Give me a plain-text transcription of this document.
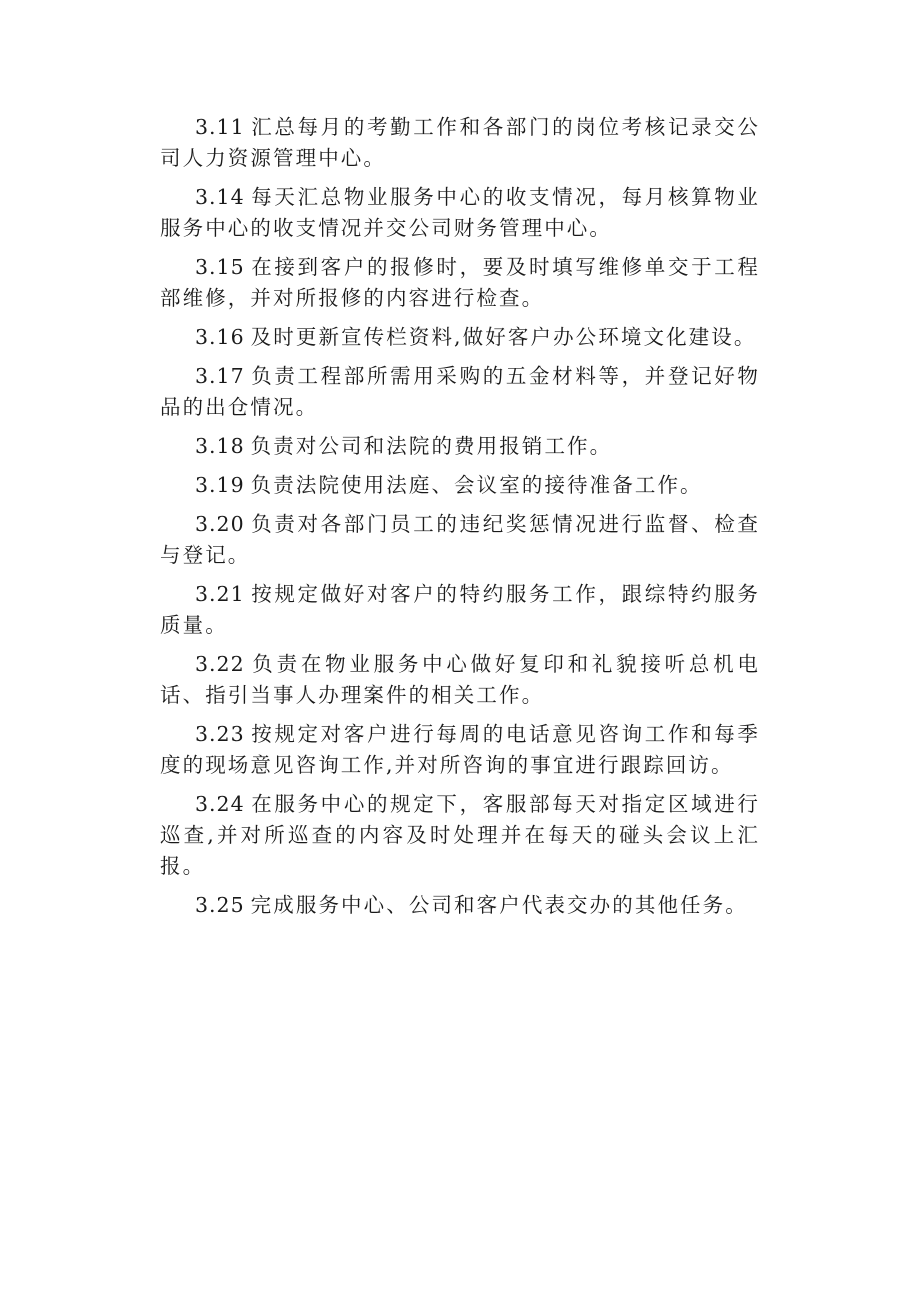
3.11 汇总每月的考勤工作和各部门的岗位考核记录交公司人力资源管理中心。

3.14 每天汇总物业服务中心的收支情况，每月核算物业服务中心的收支情况并交公司财务管理中心。

3.15 在接到客户的报修时，要及时填写维修单交于工程部维修，并对所报修的内容进行检查。

3.16 及时更新宣传栏资料,做好客户办公环境文化建设。

3.17 负责工程部所需用采购的五金材料等，并登记好物品的出仓情况。

3.18 负责对公司和法院的费用报销工作。

3.19 负责法院使用法庭、会议室的接待准备工作。

3.20 负责对各部门员工的违纪奖惩情况进行监督、检查与登记。

3.21 按规定做好对客户的特约服务工作，跟综特约服务质量。

3.22 负责在物业服务中心做好复印和礼貌接听总机电话、指引当事人办理案件的相关工作。

3.23 按规定对客户进行每周的电话意见咨询工作和每季度的现场意见咨询工作,并对所咨询的事宜进行跟踪回访。

3.24 在服务中心的规定下，客服部每天对指定区域进行巡查,并对所巡查的内容及时处理并在每天的碰头会议上汇报。

3.25 完成服务中心、公司和客户代表交办的其他任务。
